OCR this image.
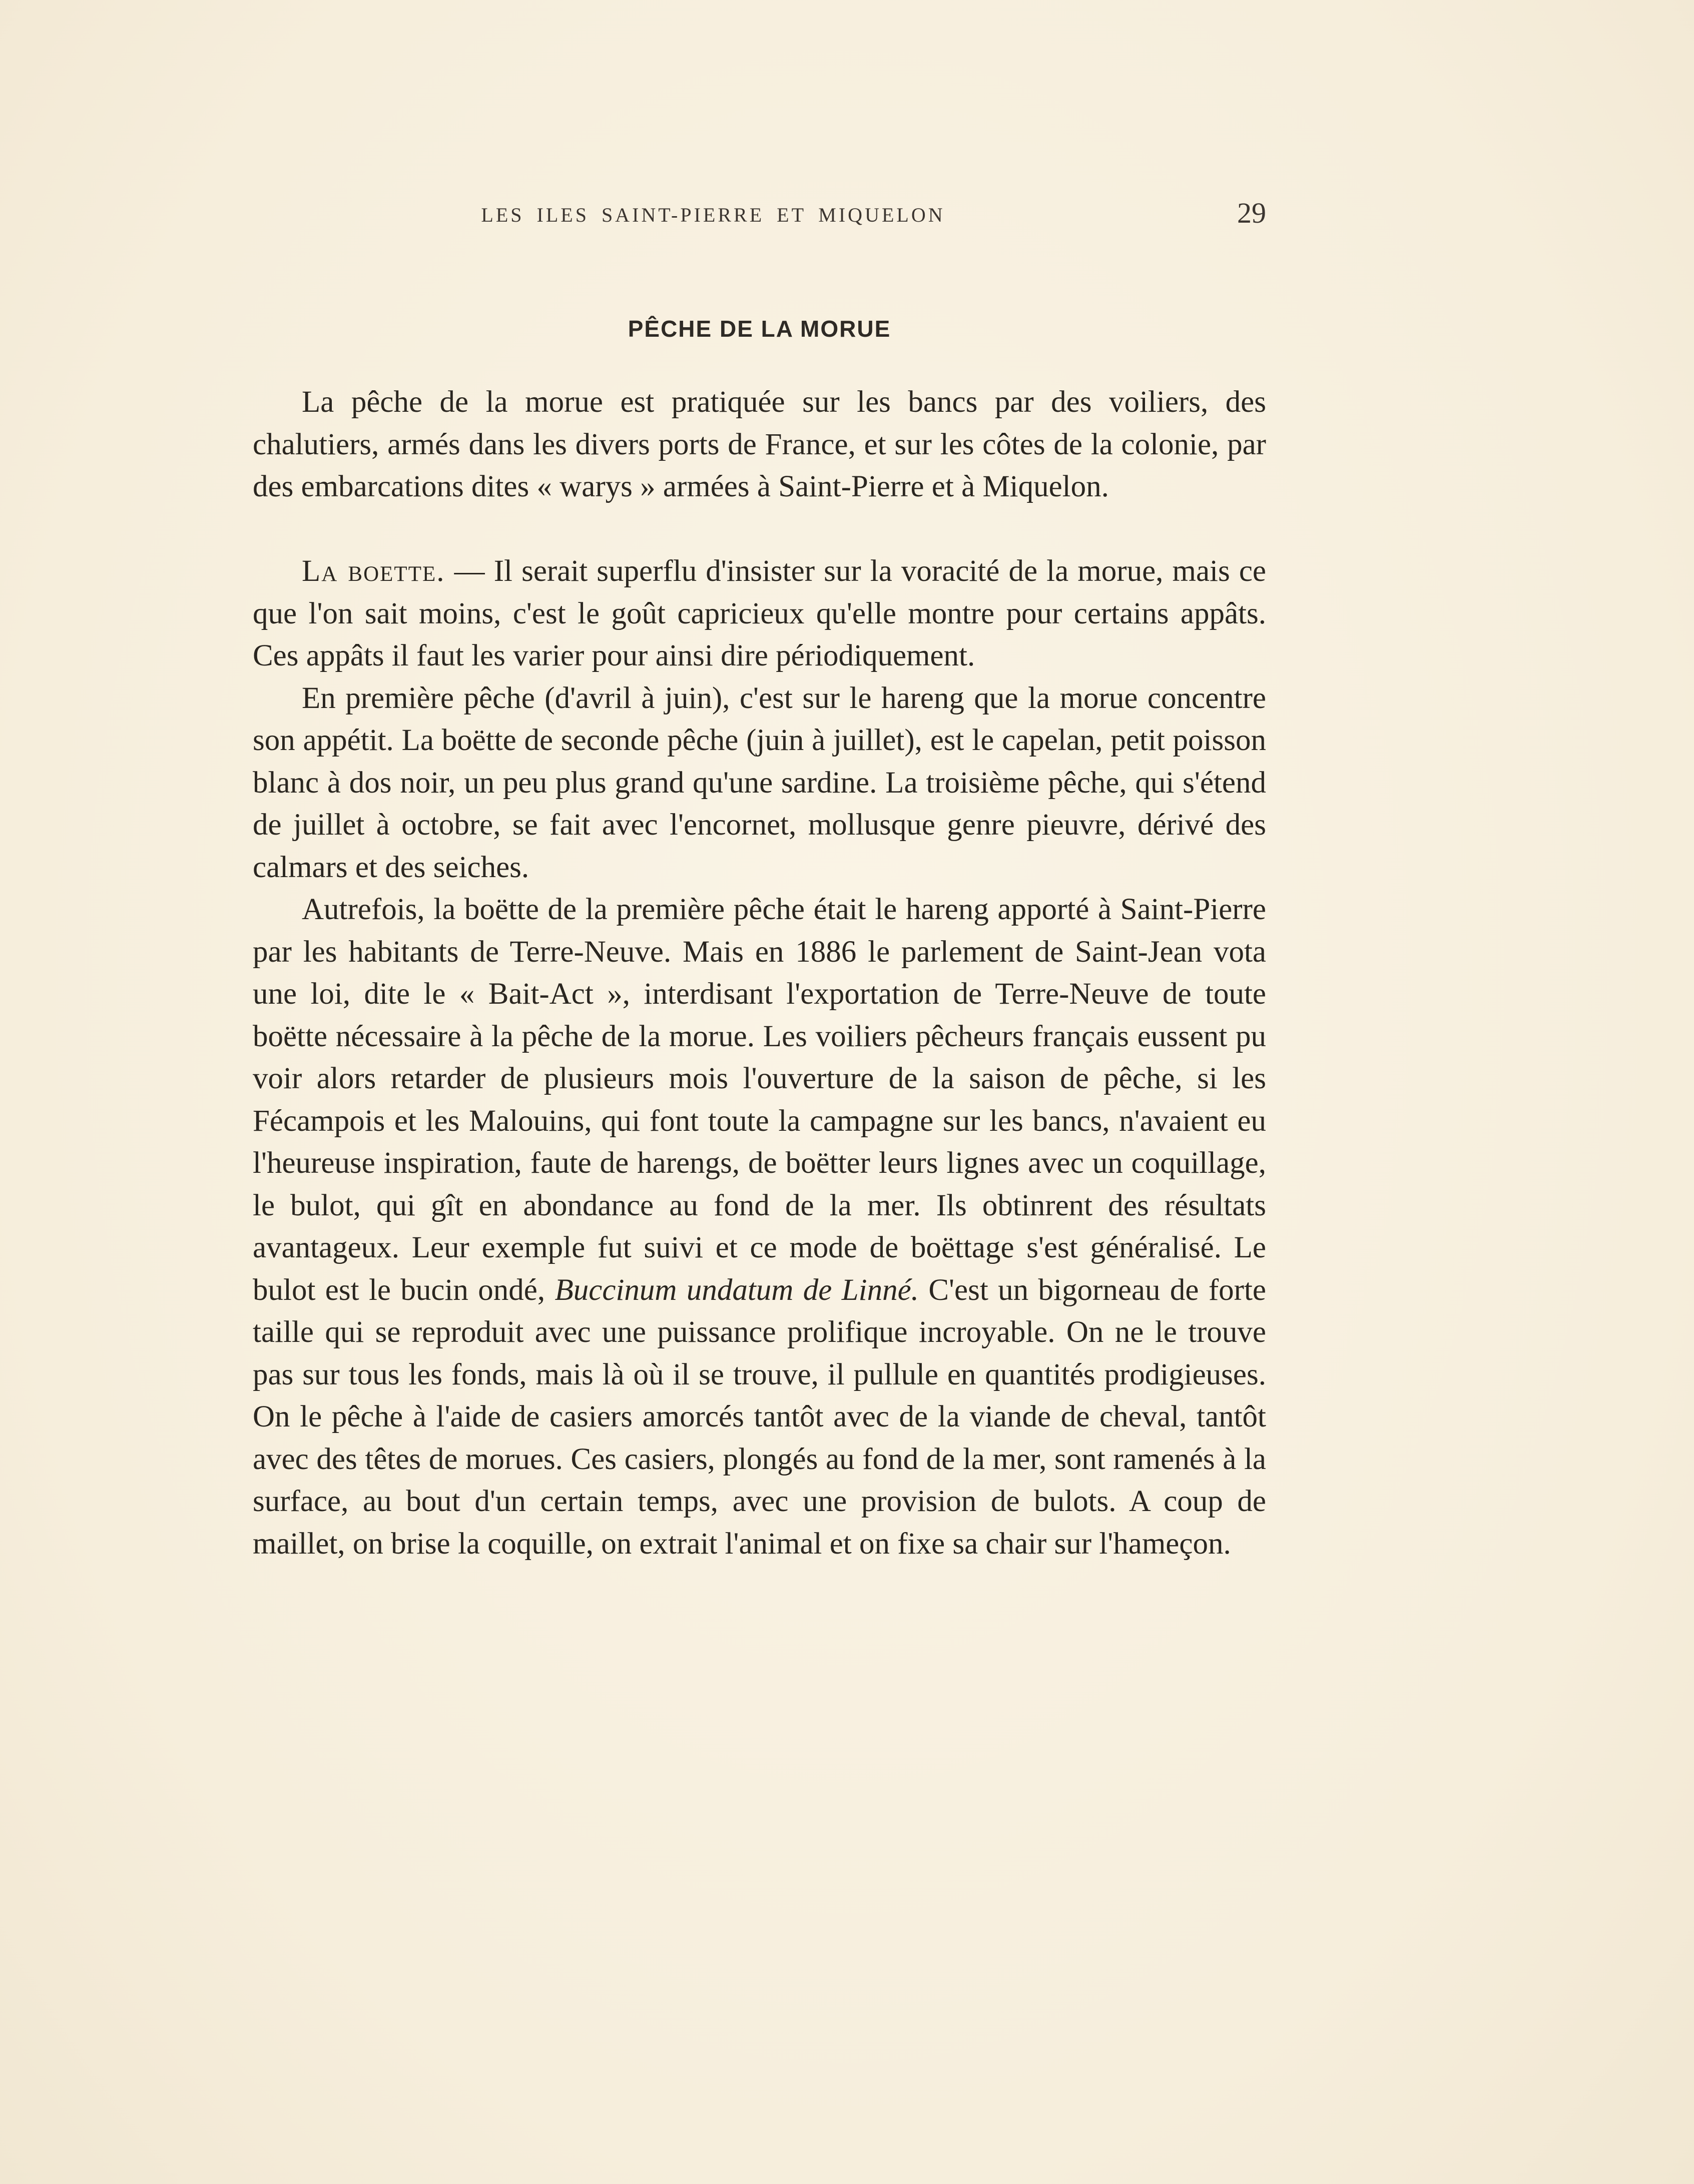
LES ILES SAINT-PIERRE ET MIQUELON	29
PÊCHE DE LA MORUE

La pêche de la morue est pratiquée sur les bancs par des voiliers, des chalutiers, armés dans les divers ports de France, et sur les côtes de la colonie, par des embarcations dites « warys » armées à Saint-Pierre et à Miquelon.

La boette. — Il serait superflu d'insister sur la voracité de la morue, mais ce que l'on sait moins, c'est le goût capricieux qu'elle montre pour certains appâts. Ces appâts il faut les varier pour ainsi dire périodiquement.

En première pêche (d'avril à juin), c'est sur le hareng que la morue concentre son appétit. La boëtte de seconde pêche (juin à juillet), est le capelan, petit poisson blanc à dos noir, un peu plus grand qu'une sardine. La troisième pêche, qui s'étend de juillet à octobre, se fait avec l'encornet, mollusque genre pieuvre, dérivé des calmars et des seiches.

Autrefois, la boëtte de la première pêche était le hareng apporté à Saint-Pierre par les habitants de Terre-Neuve. Mais en 1886 le parlement de Saint-Jean vota une loi, dite le « Bait-Act », interdisant l'exportation de Terre-Neuve de toute boëtte nécessaire à la pêche de la morue. Les voiliers pêcheurs français eussent pu voir alors retarder de plusieurs mois l'ouverture de la saison de pêche, si les Fécampois et les Malouins, qui font toute la campagne sur les bancs, n'avaient eu l'heureuse inspiration, faute de harengs, de boëtter leurs lignes avec un coquillage, le bulot, qui gît en abondance au fond de la mer. Ils obtinrent des résultats avantageux. Leur exemple fut suivi et ce mode de boëttage s'est généralisé. Le bulot est le bucin ondé, Buccinum undatum de Linné. C'est un bigorneau de forte taille qui se reproduit avec une puissance prolifique incroyable. On ne le trouve pas sur tous les fonds, mais là où il se trouve, il pullule en quantités prodigieuses. On le pêche à l'aide de casiers amorcés tantôt avec de la viande de cheval, tantôt avec des têtes de morues. Ces casiers, plongés au fond de la mer, sont ramenés à la surface, au bout d'un certain temps, avec une provision de bulots. A coup de maillet, on brise la coquille, on extrait l'animal et on fixe sa chair sur l'hameçon.
